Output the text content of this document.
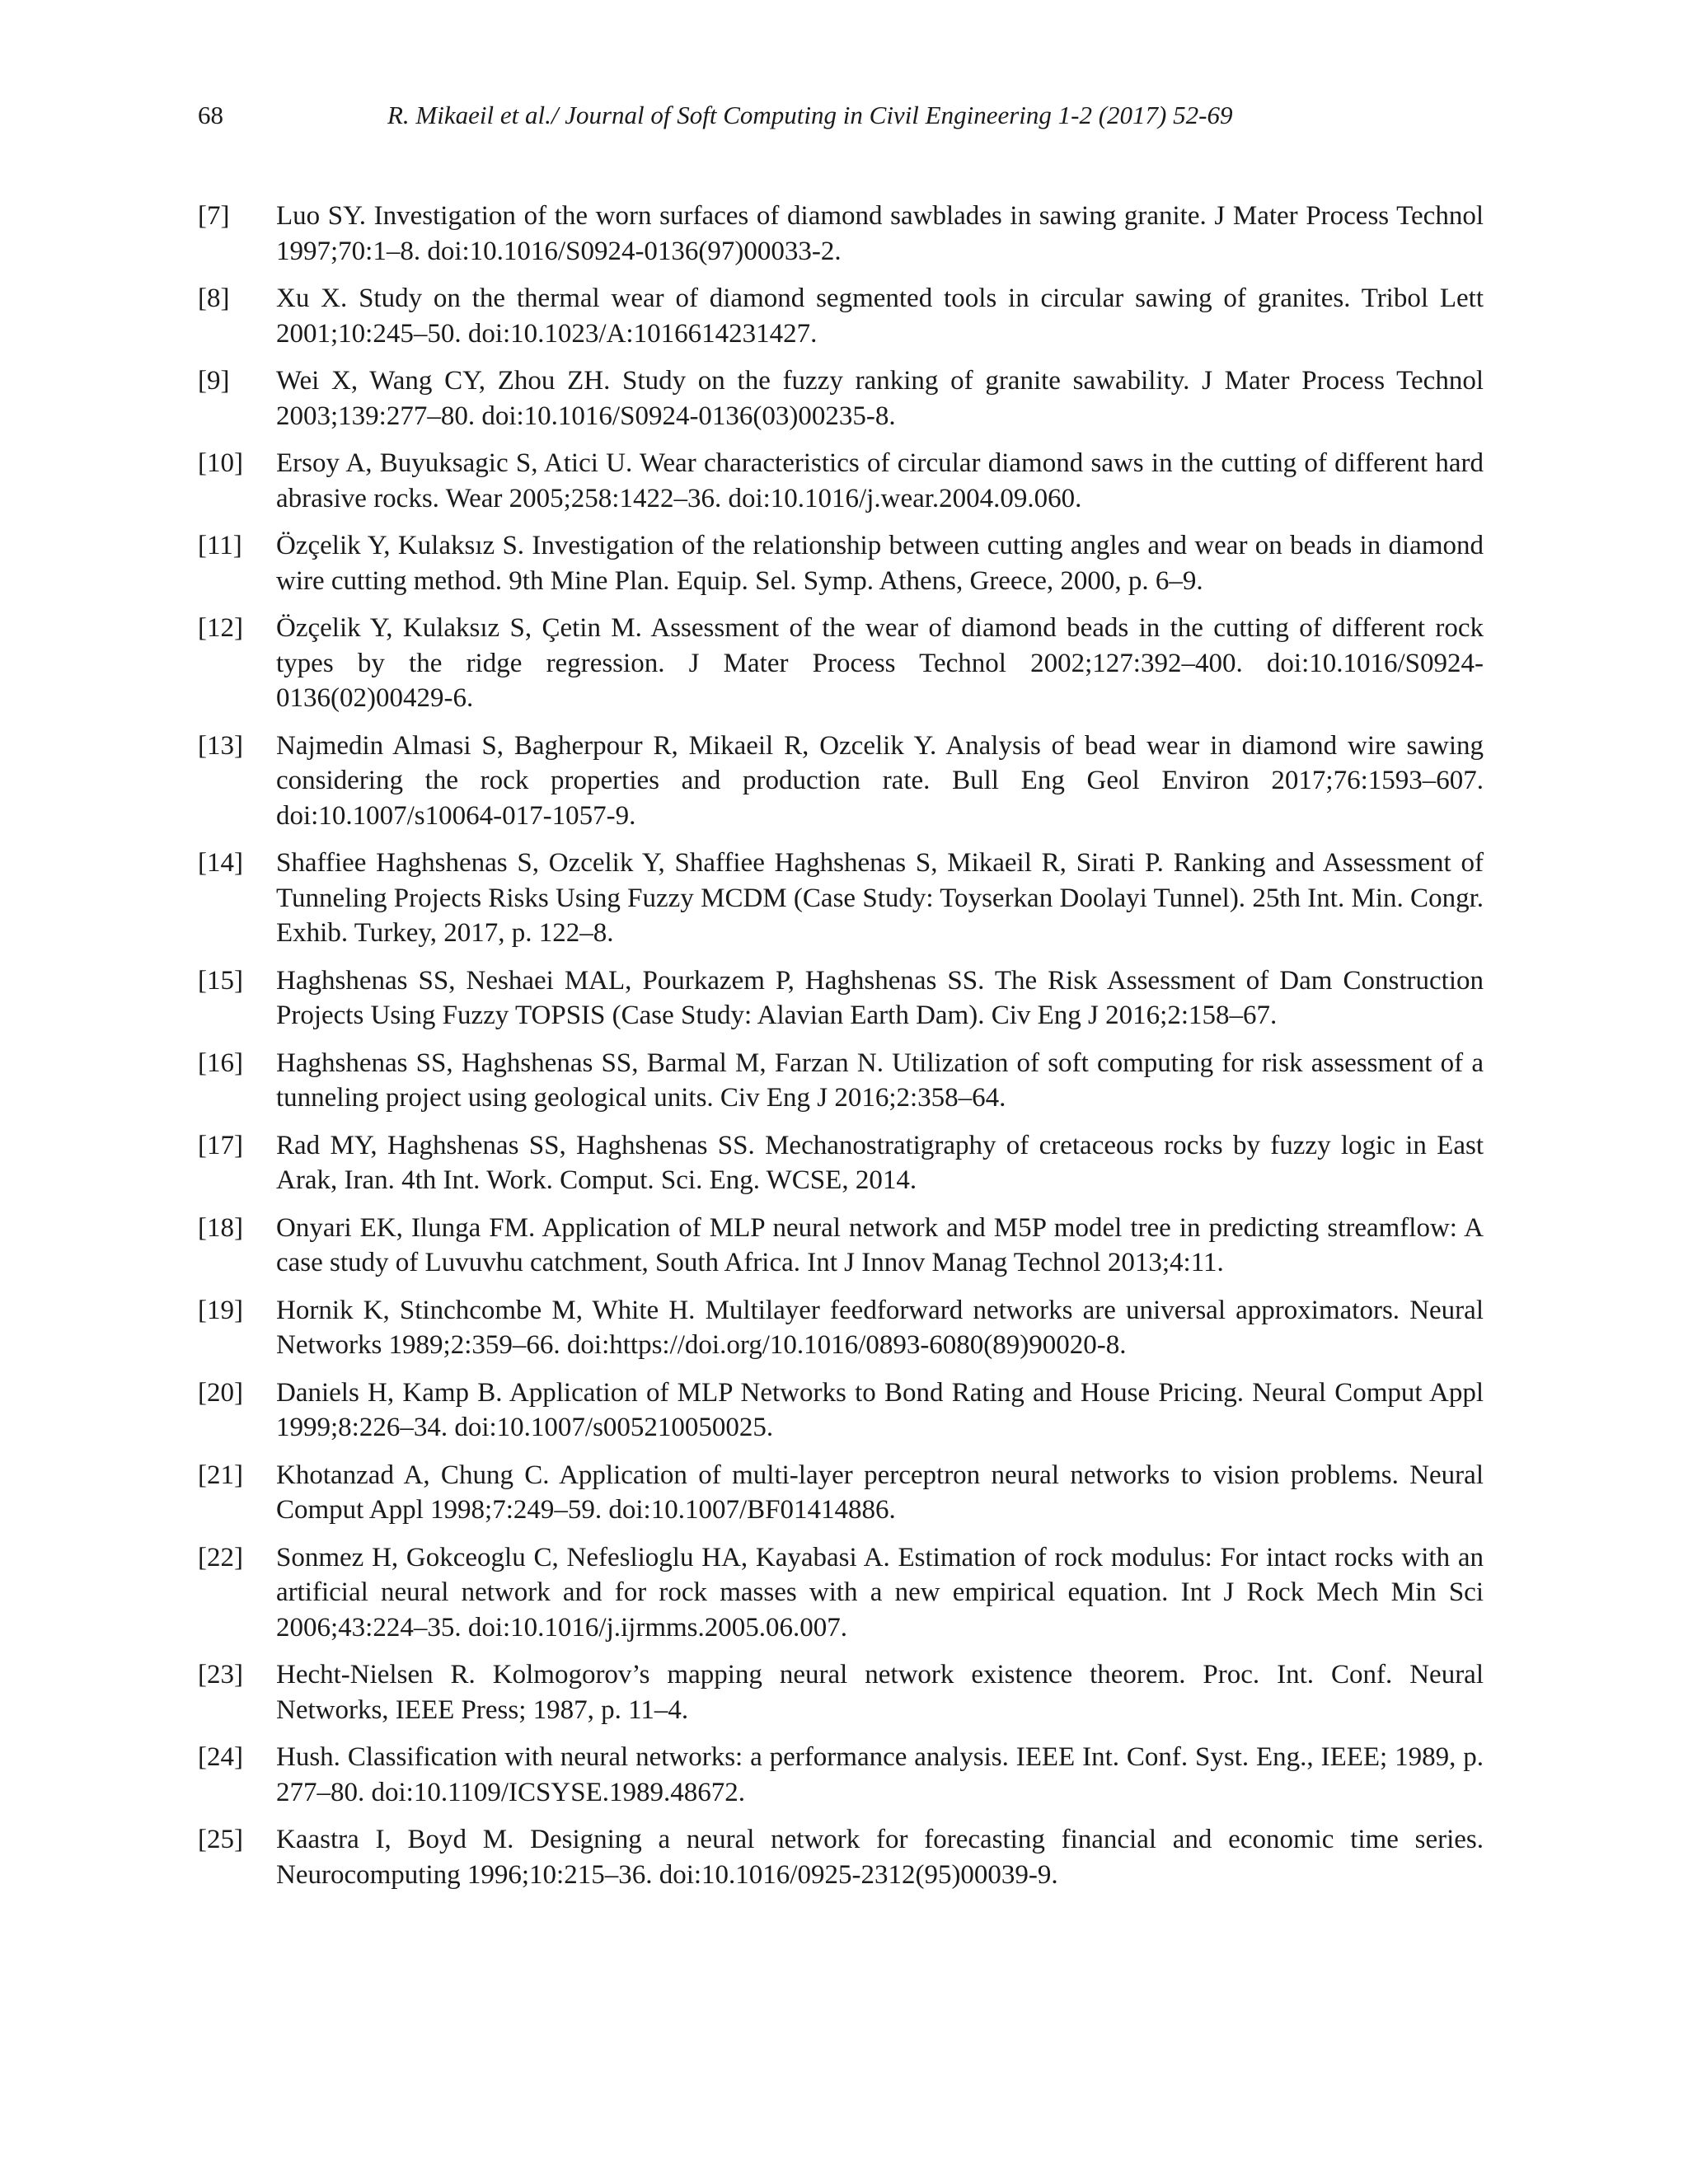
68	R. Mikaeil et al./ Journal of Soft Computing in Civil Engineering 1-2 (2017) 52-69
[7]	Luo SY. Investigation of the worn surfaces of diamond sawblades in sawing granite. J Mater Process Technol 1997;70:1–8. doi:10.1016/S0924-0136(97)00033-2.
[8]	Xu X. Study on the thermal wear of diamond segmented tools in circular sawing of granites. Tribol Lett 2001;10:245–50. doi:10.1023/A:1016614231427.
[9]	Wei X, Wang CY, Zhou ZH. Study on the fuzzy ranking of granite sawability. J Mater Process Technol 2003;139:277–80. doi:10.1016/S0924-0136(03)00235-8.
[10]	Ersoy A, Buyuksagic S, Atici U. Wear characteristics of circular diamond saws in the cutting of different hard abrasive rocks. Wear 2005;258:1422–36. doi:10.1016/j.wear.2004.09.060.
[11]	Özçelik Y, Kulaksız S. Investigation of the relationship between cutting angles and wear on beads in diamond wire cutting method. 9th Mine Plan. Equip. Sel. Symp. Athens, Greece, 2000, p. 6–9.
[12]	Özçelik Y, Kulaksız S, Çetin M. Assessment of the wear of diamond beads in the cutting of different rock types by the ridge regression. J Mater Process Technol 2002;127:392–400. doi:10.1016/S0924-0136(02)00429-6.
[13]	Najmedin Almasi S, Bagherpour R, Mikaeil R, Ozcelik Y. Analysis of bead wear in diamond wire sawing considering the rock properties and production rate. Bull Eng Geol Environ 2017;76:1593–607. doi:10.1007/s10064-017-1057-9.
[14]	Shaffiee Haghshenas S, Ozcelik Y, Shaffiee Haghshenas S, Mikaeil R, Sirati P. Ranking and Assessment of Tunneling Projects Risks Using Fuzzy MCDM (Case Study: Toyserkan Doolayi Tunnel). 25th Int. Min. Congr. Exhib. Turkey, 2017, p. 122–8.
[15]	Haghshenas SS, Neshaei MAL, Pourkazem P, Haghshenas SS. The Risk Assessment of Dam Construction Projects Using Fuzzy TOPSIS (Case Study: Alavian Earth Dam). Civ Eng J 2016;2:158–67.
[16]	Haghshenas SS, Haghshenas SS, Barmal M, Farzan N. Utilization of soft computing for risk assessment of a tunneling project using geological units. Civ Eng J 2016;2:358–64.
[17]	Rad MY, Haghshenas SS, Haghshenas SS. Mechanostratigraphy of cretaceous rocks by fuzzy logic in East Arak, Iran. 4th Int. Work. Comput. Sci. Eng. WCSE, 2014.
[18]	Onyari EK, Ilunga FM. Application of MLP neural network and M5P model tree in predicting streamflow: A case study of Luvuvhu catchment, South Africa. Int J Innov Manag Technol 2013;4:11.
[19]	Hornik K, Stinchcombe M, White H. Multilayer feedforward networks are universal approximators. Neural Networks 1989;2:359–66. doi:https://doi.org/10.1016/0893-6080(89)90020-8.
[20]	Daniels H, Kamp B. Application of MLP Networks to Bond Rating and House Pricing. Neural Comput Appl 1999;8:226–34. doi:10.1007/s005210050025.
[21]	Khotanzad A, Chung C. Application of multi-layer perceptron neural networks to vision problems. Neural Comput Appl 1998;7:249–59. doi:10.1007/BF01414886.
[22]	Sonmez H, Gokceoglu C, Nefeslioglu HA, Kayabasi A. Estimation of rock modulus: For intact rocks with an artificial neural network and for rock masses with a new empirical equation. Int J Rock Mech Min Sci 2006;43:224–35. doi:10.1016/j.ijrmms.2005.06.007.
[23]	Hecht-Nielsen R. Kolmogorov’s mapping neural network existence theorem. Proc. Int. Conf. Neural Networks, IEEE Press; 1987, p. 11–4.
[24]	Hush. Classification with neural networks: a performance analysis. IEEE Int. Conf. Syst. Eng., IEEE; 1989, p. 277–80. doi:10.1109/ICSYSE.1989.48672.
[25]	Kaastra I, Boyd M. Designing a neural network for forecasting financial and economic time series. Neurocomputing 1996;10:215–36. doi:10.1016/0925-2312(95)00039-9.
